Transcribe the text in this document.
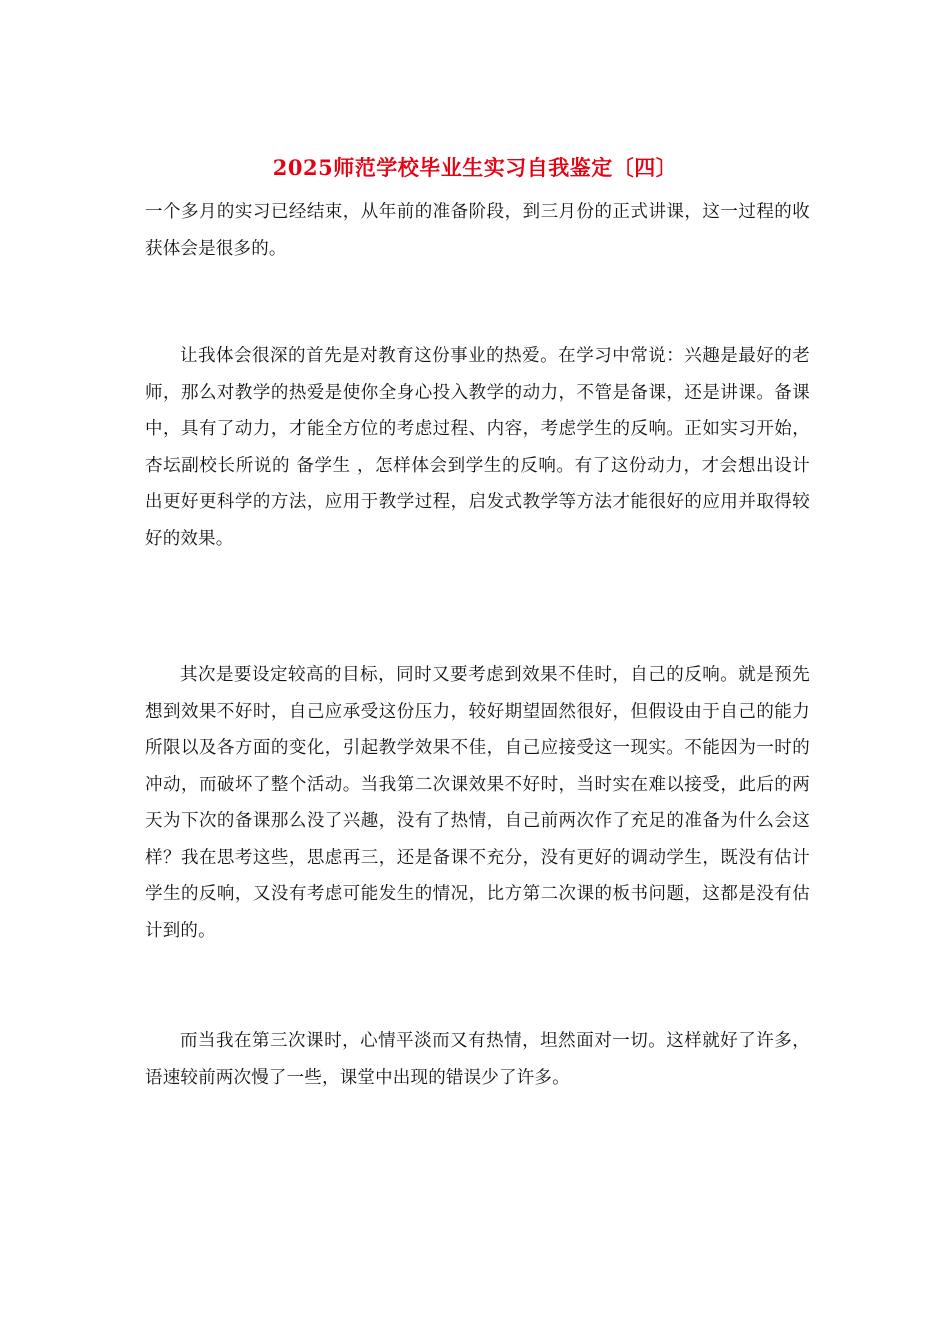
2025师范学校毕业生实习自我鉴定〔四〕

一个多月的实习已经结束，从年前的准备阶段，到三月份的正式讲课，这一过程的收获体会是很多的。

让我体会很深的首先是对教育这份事业的热爱。在学习中常说：兴趣是最好的老师，那么对教学的热爱是使你全身心投入教学的动力，不管是备课，还是讲课。备课中，具有了动力，才能全方位的考虑过程、内容，考虑学生的反响。正如实习开始，杏坛副校长所说的 备学生 ，怎样体会到学生的反响。有了这份动力，才会想出设计出更好更科学的方法，应用于教学过程，启发式教学等方法才能很好的应用并取得较好的效果。

其次是要设定较高的目标，同时又要考虑到效果不佳时，自己的反响。就是预先想到效果不好时，自己应承受这份压力，较好期望固然很好，但假设由于自己的能力所限以及各方面的变化，引起教学效果不佳，自己应接受这一现实。不能因为一时的冲动，而破坏了整个活动。当我第二次课效果不好时，当时实在难以接受，此后的两天为下次的备课那么没了兴趣，没有了热情，自己前两次作了充足的准备为什么会这样？我在思考这些，思虑再三，还是备课不充分，没有更好的调动学生，既没有估计学生的反响，又没有考虑可能发生的情况，比方第二次课的板书问题，这都是没有估计到的。

而当我在第三次课时，心情平淡而又有热情，坦然面对一切。这样就好了许多，语速较前两次慢了一些，课堂中出现的错误少了许多。
